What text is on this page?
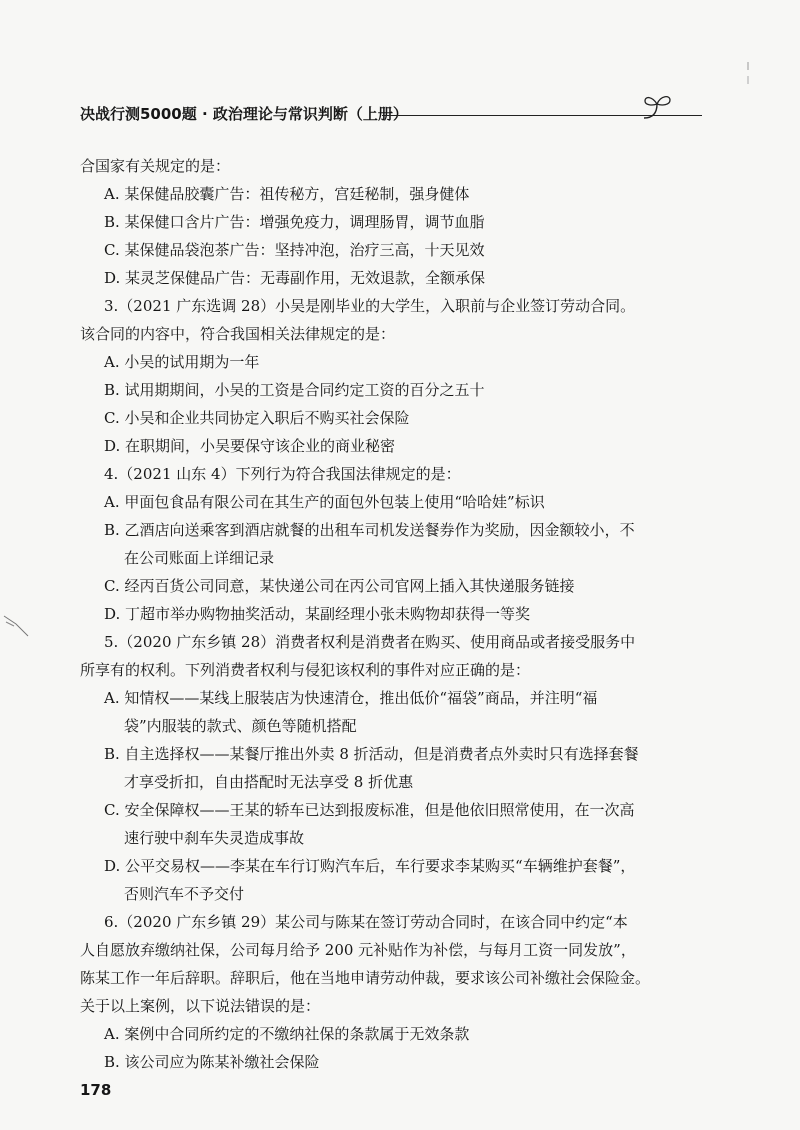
决战行测5000题 · 政治理论与常识判断（上册）
合国家有关规定的是：
A. 某保健品胶囊广告：祖传秘方，宫廷秘制，强身健体
B. 某保健口含片广告：增强免疫力，调理肠胃，调节血脂
C. 某保健品袋泡茶广告：坚持冲泡，治疗三高，十天见效
D. 某灵芝保健品广告：无毒副作用，无效退款，全额承保
3.（2021 广东选调 28）小吴是刚毕业的大学生，入职前与企业签订劳动合同。
该合同的内容中，符合我国相关法律规定的是：
A. 小吴的试用期为一年
B. 试用期期间，小吴的工资是合同约定工资的百分之五十
C. 小吴和企业共同协定入职后不购买社会保险
D. 在职期间，小吴要保守该企业的商业秘密
4.（2021 山东 4）下列行为符合我国法律规定的是：
A. 甲面包食品有限公司在其生产的面包外包装上使用“哈哈娃”标识
B. 乙酒店向送乘客到酒店就餐的出租车司机发送餐券作为奖励，因金额较小，不
在公司账面上详细记录
C. 经丙百货公司同意，某快递公司在丙公司官网上插入其快递服务链接
D. 丁超市举办购物抽奖活动，某副经理小张未购物却获得一等奖
5.（2020 广东乡镇 28）消费者权利是消费者在购买、使用商品或者接受服务中
所享有的权利。下列消费者权利与侵犯该权利的事件对应正确的是：
A. 知情权——某线上服装店为快速清仓，推出低价“福袋”商品，并注明“福
袋”内服装的款式、颜色等随机搭配
B. 自主选择权——某餐厅推出外卖 8 折活动，但是消费者点外卖时只有选择套餐
才享受折扣，自由搭配时无法享受 8 折优惠
C. 安全保障权——王某的轿车已达到报废标准，但是他依旧照常使用，在一次高
速行驶中刹车失灵造成事故
D. 公平交易权——李某在车行订购汽车后，车行要求李某购买“车辆维护套餐”，
否则汽车不予交付
6.（2020 广东乡镇 29）某公司与陈某在签订劳动合同时，在该合同中约定“本
人自愿放弃缴纳社保，公司每月给予 200 元补贴作为补偿，与每月工资一同发放”，
陈某工作一年后辞职。辞职后，他在当地申请劳动仲裁，要求该公司补缴社会保险金。
关于以上案例，以下说法错误的是：
A. 案例中合同所约定的不缴纳社保的条款属于无效条款
B. 该公司应为陈某补缴社会保险
178
